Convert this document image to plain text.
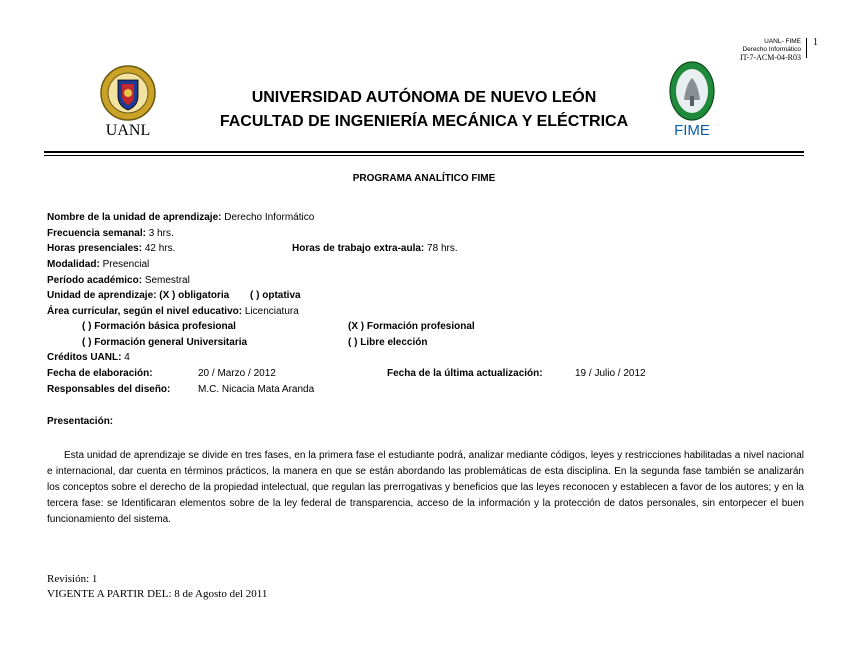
UANL- FIME
Derecho Informático
IT-7-ACM-04-R03
1
UANL	FIME
UNIVERSIDAD AUTÓNOMA DE NUEVO LEÓN
FACULTAD DE INGENIERÍA MECÁNICA Y ELÉCTRICA
PROGRAMA ANALÍTICO FIME
Nombre de la unidad de aprendizaje: Derecho Informático
Frecuencia semanal: 3 hrs.
Horas presenciales: 42 hrs.	Horas de trabajo extra-aula: 78 hrs.
Modalidad: Presencial
Período académico: Semestral
Unidad de aprendizaje: (X ) obligatoria ( ) optativa
Área curricular, según el nivel educativo: Licenciatura
( ) Formación básica profesional	(X ) Formación profesional
( ) Formación general Universitaria	( ) Libre elección
Créditos UANL: 4
Fecha de elaboración:	20 / Marzo / 2012	Fecha de la última actualización:	19 / Julio / 2012
Responsables del diseño:	M.C. Nicacia Mata Aranda
Presentación:
Esta unidad de aprendizaje se divide en tres fases, en la primera fase el estudiante podrá, analizar mediante códigos, leyes y restricciones habilitadas a nivel nacional e internacional, dar cuenta en términos prácticos, la manera en que se están abordando las problemáticas de esta disciplina. En la segunda fase también se analizarán los conceptos sobre el derecho de la propiedad intelectual, que regulan las prerrogativas y beneficios que las leyes reconocen y establecen a favor de los autores; y en la tercera fase: se Identificaran elementos sobre de la ley federal de transparencia, acceso de la información y la protección de datos personales, sin entorpecer el buen funcionamiento del sistema.
Revisión: 1
VIGENTE A PARTIR DEL: 8 de Agosto del 2011
